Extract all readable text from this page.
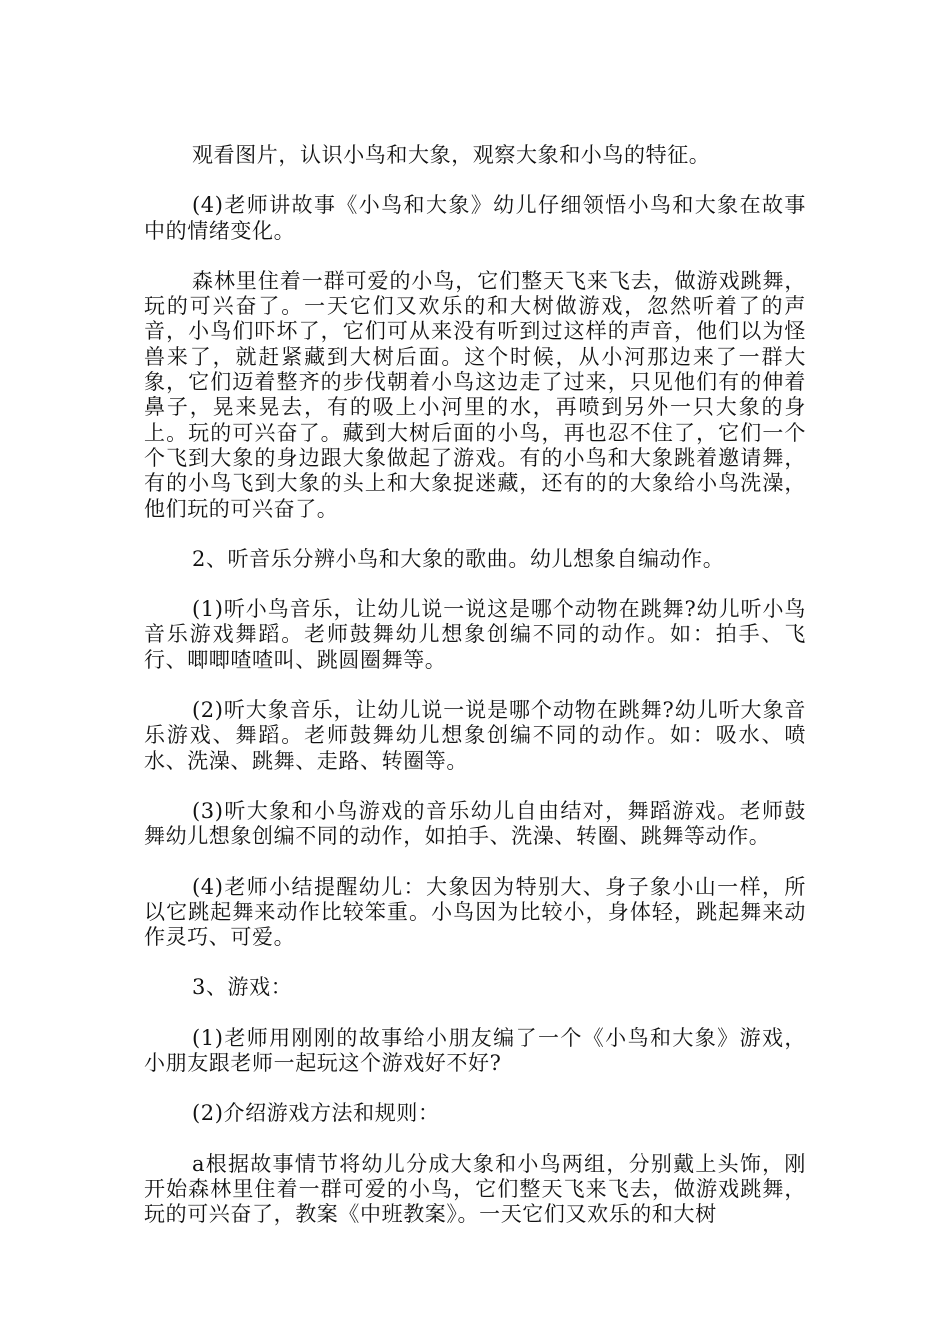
观看图片，认识小鸟和大象，观察大象和小鸟的特征。

(4)老师讲故事《小鸟和大象》幼儿仔细领悟小鸟和大象在故事中的情绪变化。

森林里住着一群可爱的小鸟，它们整天飞来飞去，做游戏跳舞，玩的可兴奋了。一天它们又欢乐的和大树做游戏，忽然听着了的声音，小鸟们吓坏了，它们可从来没有听到过这样的声音，他们以为怪兽来了，就赶紧藏到大树后面。这个时候，从小河那边来了一群大象，它们迈着整齐的步伐朝着小鸟这边走了过来，只见他们有的伸着鼻子，晃来晃去，有的吸上小河里的水，再喷到另外一只大象的身上。玩的可兴奋了。藏到大树后面的小鸟，再也忍不住了，它们一个个飞到大象的身边跟大象做起了游戏。有的小鸟和大象跳着邀请舞，有的小鸟飞到大象的头上和大象捉迷藏，还有的的大象给小鸟洗澡，他们玩的可兴奋了。

2、听音乐分辨小鸟和大象的歌曲。幼儿想象自编动作。

(1)听小鸟音乐，让幼儿说一说这是哪个动物在跳舞?幼儿听小鸟音乐游戏舞蹈。老师鼓舞幼儿想象创编不同的动作。如：拍手、飞行、唧唧喳喳叫、跳圆圈舞等。

(2)听大象音乐，让幼儿说一说是哪个动物在跳舞?幼儿听大象音乐游戏、舞蹈。老师鼓舞幼儿想象创编不同的动作。如：吸水、喷水、洗澡、跳舞、走路、转圈等。

(3)听大象和小鸟游戏的音乐幼儿自由结对，舞蹈游戏。老师鼓舞幼儿想象创编不同的动作，如拍手、洗澡、转圈、跳舞等动作。

(4)老师小结提醒幼儿：大象因为特别大、身子象小山一样，所以它跳起舞来动作比较笨重。小鸟因为比较小，身体轻，跳起舞来动作灵巧、可爱。

3、游戏：

(1)老师用刚刚的故事给小朋友编了一个《小鸟和大象》游戏，小朋友跟老师一起玩这个游戏好不好?

(2)介绍游戏方法和规则：

a根据故事情节将幼儿分成大象和小鸟两组，分别戴上头饰，刚开始森林里住着一群可爱的小鸟，它们整天飞来飞去，做游戏跳舞，玩的可兴奋了，教案《中班教案》。一天它们又欢乐的和大树
